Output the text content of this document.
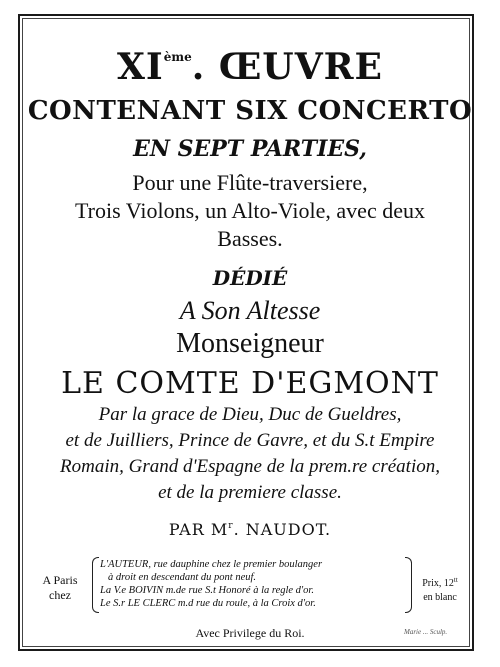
XIème. ŒUVRE
CONTENANT SIX CONCERTO
EN SEPT PARTIES,
Pour une Flûte-traversiere,
Trois Violons, un Alto-Viole, avec deux
Basses.
DÉDIÉ
A Son Altesse
Monseigneur
LE COMTE D'EGMONT
Par la grace de Dieu, Duc de Gueldres,
et de Juilliers, Prince de Gavre, et du S.t Empire
Romain, Grand d'Espagne de la prem.re création,
et de la premiere classe.
PAR $M^r$. NAUDOT.
A Paris
chez
L'AUTEUR, rue dauphine chez le premier boulanger
à droit en descendant du pont neuf.
La V.e BOIVIN m.de rue S.t Honoré à la regle d'or.
Le S.r LE CLERC m.d rue du roule, à la Croix d'or.
Prix, $12^{tt}$
en blanc
Avec Privilege du Roi.	Marie ... Sculp.
